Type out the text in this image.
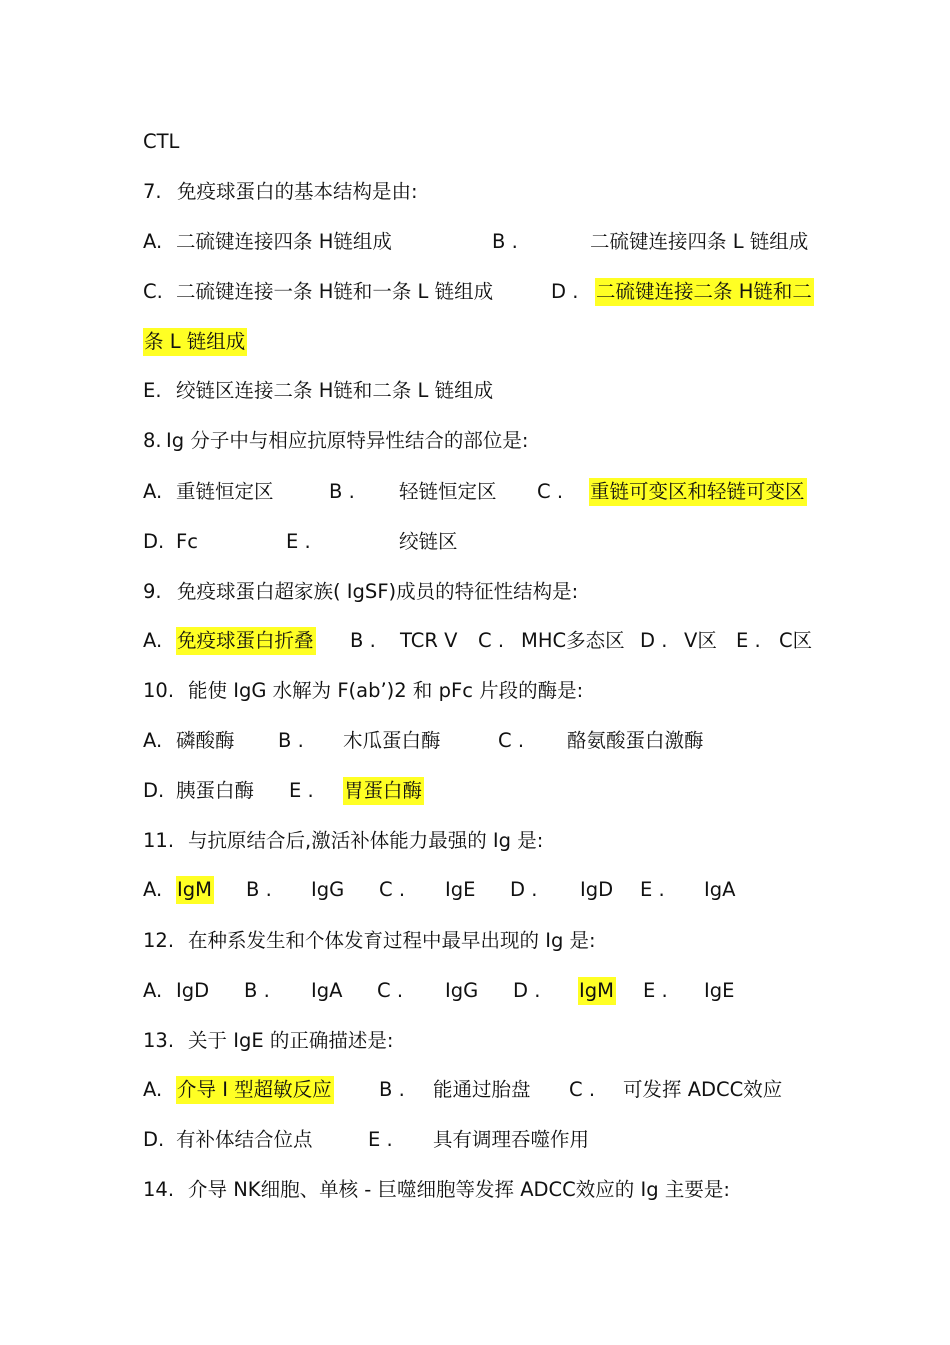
CTL
7. 免疫球蛋白的基本结构是由:
A. 二硫键连接四条 H链组成	B .	二硫键连接四条 L 链组成
C. 二硫键连接一条 H链和一条 L 链组成	D . 二硫键连接二条 H链和二
条 L 链组成
E. 绞链区连接二条 H链和二条 L 链组成
8. Ig 分子中与相应抗原特异性结合的部位是:
A. 重链恒定区	B . 轻链恒定区 C . 重链可变区和轻链可变区
D. Fc	E .	绞链区
9. 免疫球蛋白超家族( IgSF)成员的特征性结构是:
A. 免疫球蛋白折叠 B . TCR V C . MHC多态区 D . V区 E . C区
10. 能使 IgG 水解为 F(ab’)2 和 pFc 片段的酶是:
A. 磷酸酶 B . 木瓜蛋白酶	C . 酪氨酸蛋白激酶
D. 胰蛋白酶 E . 胃蛋白酶
11. 与抗原结合后,激活补体能力最强的 Ig 是:
A. IgM B . IgG C . IgE D . IgD E . IgA
12. 在种系发生和个体发育过程中最早出现的 Ig 是:
A. IgD B . IgA C . IgG D . IgM E . IgE
13. 关于 IgE 的正确描述是:
A. 介导 I 型超敏反应 B . 能通过胎盘 C . 可发挥 ADCC效应
D. 有补体结合位点	E . 具有调理吞噬作用
14. 介导 NK细胞、单核 - 巨噬细胞等发挥 ADCC效应的 Ig 主要是:
